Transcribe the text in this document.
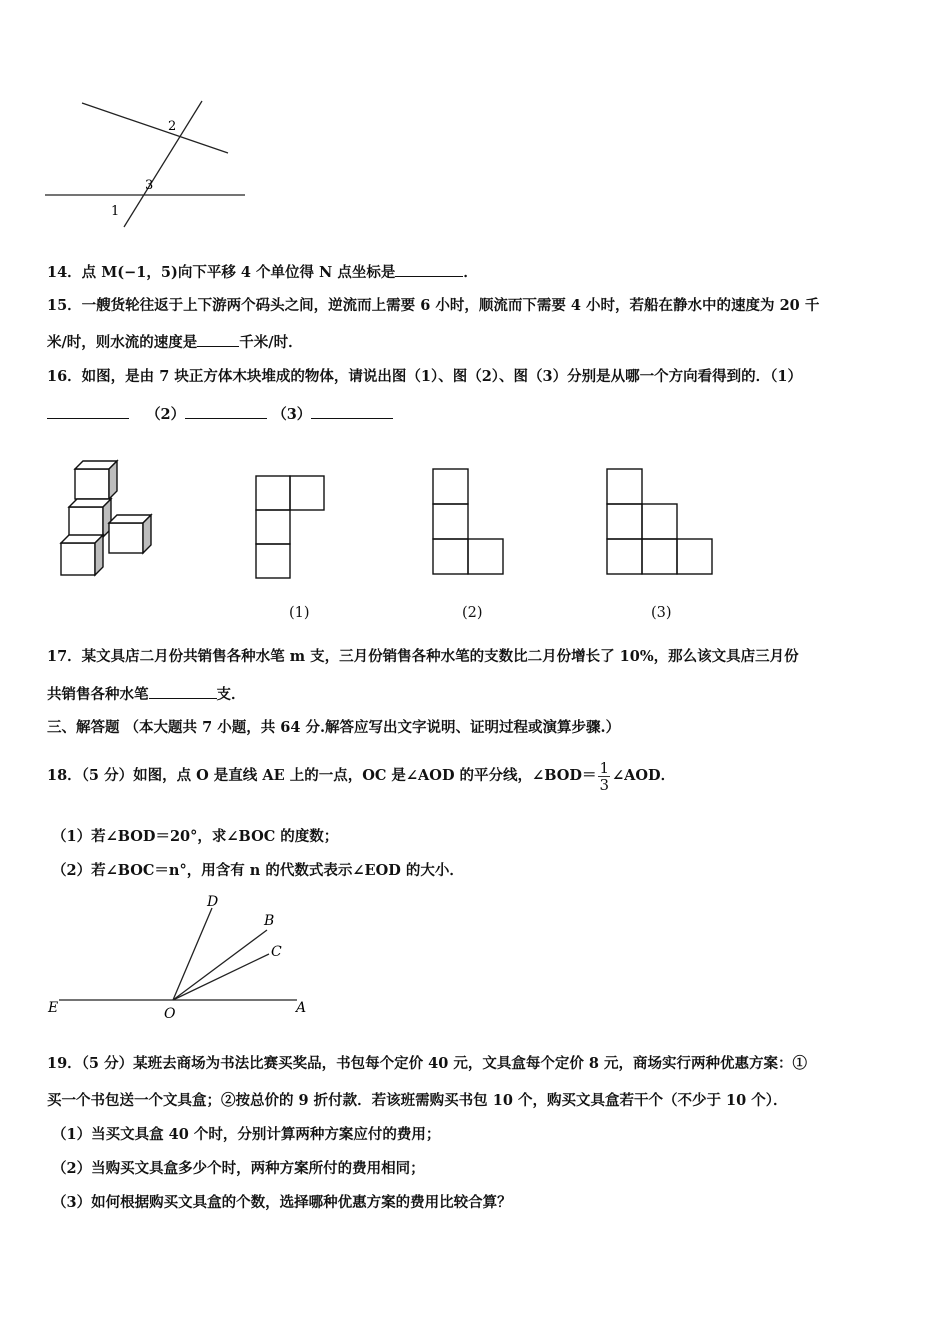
2
3
1
14．点 M(−1，5)向下平移 4 个单位得 N 点坐标是	．
15．一艘货轮往返于上下游两个码头之间，逆流而上需要 6 小时，顺流而下需要 4 小时，若船在静水中的速度为 20 千
米/时，则水流的速度是	千米/时．
16．如图，是由 7 块正方体木块堆成的物体，请说出图（1）、图（2）、图（3）分别是从哪一个方向看得到的．（1）
（2）	（3）
(1)	(2)	(3)
17．某文具店二月份共销售各种水笔 m 支，三月份销售各种水笔的支数比二月份增长了 10%，那么该文具店三月份
共销售各种水笔	支．
三、解答题 （本大题共 7 小题，共 64 分.解答应写出文字说明、证明过程或演算步骤.）
18．（5 分）如图，点 O 是直线 AE 上的一点，OC 是∠AOD 的平分线，∠BOD＝ $\frac{1}{3}$ ∠AOD．
（1）若∠BOD＝20°，求∠BOC 的度数；
（2）若∠BOC＝n°，用含有 n 的代数式表示∠EOD 的大小．
D
B
C
E	O	A
19．（5 分）某班去商场为书法比赛买奖品，书包每个定价 40 元，文具盒每个定价 8 元，商场实行两种优惠方案：①
买一个书包送一个文具盒；②按总价的 9 折付款．若该班需购买书包 10 个，购买文具盒若干个（不少于 10 个）．
（1）当买文具盒 40 个时，分别计算两种方案应付的费用；
（2）当购买文具盒多少个时，两种方案所付的费用相同；
（3）如何根据购买文具盒的个数，选择哪种优惠方案的费用比较合算？
